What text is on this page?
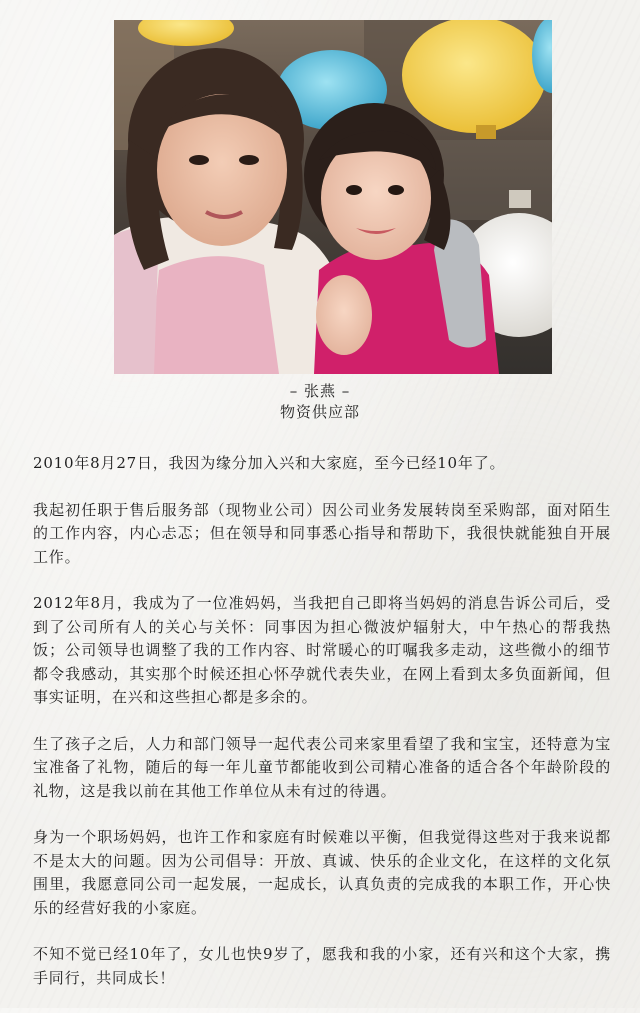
– 张燕 –
物资供应部

2010年8月27日，我因为缘分加入兴和大家庭，至今已经10年了。

我起初任职于售后服务部（现物业公司）因公司业务发展转岗至采购部，面对陌生的工作内容，内心忐忑；但在领导和同事悉心指导和帮助下，我很快就能独自开展工作。

2012年8月，我成为了一位准妈妈，当我把自己即将当妈妈的消息告诉公司后，受到了公司所有人的关心与关怀：同事因为担心微波炉辐射大，中午热心的帮我热饭；公司领导也调整了我的工作内容、时常暖心的叮嘱我多走动，这些微小的细节都令我感动，其实那个时候还担心怀孕就代表失业，在网上看到太多负面新闻，但事实证明，在兴和这些担心都是多余的。

生了孩子之后，人力和部门领导一起代表公司来家里看望了我和宝宝，还特意为宝宝准备了礼物，随后的每一年儿童节都能收到公司精心准备的适合各个年龄阶段的礼物，这是我以前在其他工作单位从未有过的待遇。

身为一个职场妈妈，也许工作和家庭有时候难以平衡，但我觉得这些对于我来说都不是太大的问题。因为公司倡导：开放、真诚、快乐的企业文化，在这样的文化氛围里，我愿意同公司一起发展，一起成长，认真负责的完成我的本职工作，开心快乐的经营好我的小家庭。

不知不觉已经10年了，女儿也快9岁了，愿我和我的小家，还有兴和这个大家，携手同行，共同成长！
